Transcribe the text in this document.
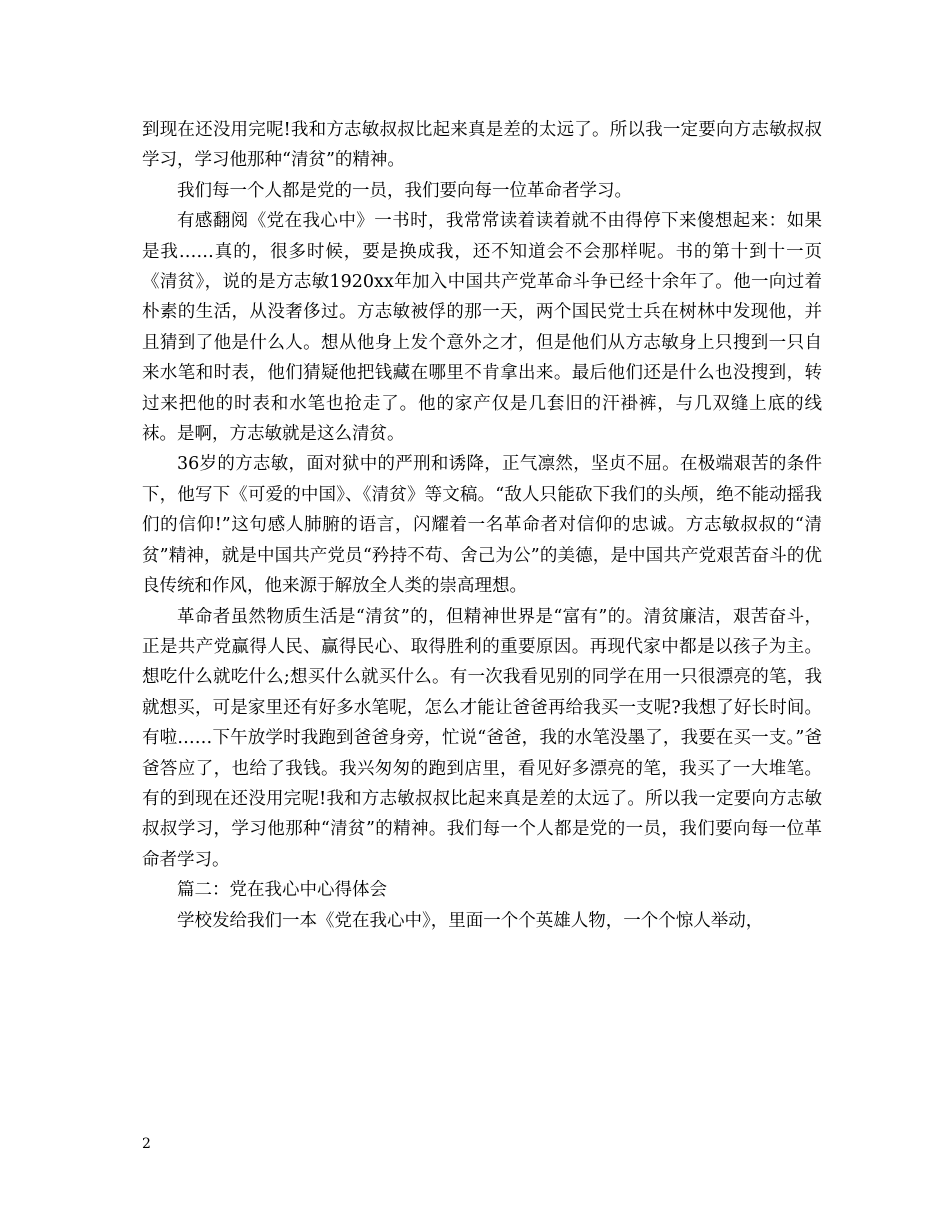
到现在还没用完呢!我和方志敏叔叔比起来真是差的太远了。所以我一定要向方志敏叔叔学习，学习他那种“清贫”的精神。

我们每一个人都是党的一员，我们要向每一位革命者学习。

有感翻阅《党在我心中》一书时，我常常读着读着就不由得停下来傻想起来：如果是我……真的，很多时候，要是换成我，还不知道会不会那样呢。书的第十到十一页《清贫》，说的是方志敏1920xx年加入中国共产党革命斗争已经十余年了。他一向过着朴素的生活，从没奢侈过。方志敏被俘的那一天，两个国民党士兵在树林中发现他，并且猜到了他是什么人。想从他身上发个意外之才，但是他们从方志敏身上只搜到一只自来水笔和时表，他们猜疑他把钱藏在哪里不肯拿出来。最后他们还是什么也没搜到，转过来把他的时表和水笔也抢走了。他的家产仅是几套旧的汗褂裤，与几双缝上底的线袜。是啊，方志敏就是这么清贫。

36岁的方志敏，面对狱中的严刑和诱降，正气凛然，坚贞不屈。在极端艰苦的条件下，他写下《可爱的中国》、《清贫》等文稿。“敌人只能砍下我们的头颅，绝不能动摇我们的信仰!”这句感人肺腑的语言，闪耀着一名革命者对信仰的忠诚。方志敏叔叔的“清贫”精神，就是中国共产党员“矜持不苟、舍己为公”的美德，是中国共产党艰苦奋斗的优良传统和作风，他来源于解放全人类的崇高理想。

革命者虽然物质生活是“清贫”的，但精神世界是“富有”的。清贫廉洁，艰苦奋斗，正是共产党赢得人民、赢得民心、取得胜利的重要原因。再现代家中都是以孩子为主。想吃什么就吃什么;想买什么就买什么。有一次我看见别的同学在用一只很漂亮的笔，我就想买，可是家里还有好多水笔呢，怎么才能让爸爸再给我买一支呢?我想了好长时间。有啦……下午放学时我跑到爸爸身旁，忙说“爸爸，我的水笔没墨了，我要在买一支。”爸爸答应了，也给了我钱。我兴匆匆的跑到店里，看见好多漂亮的笔，我买了一大堆笔。有的到现在还没用完呢!我和方志敏叔叔比起来真是差的太远了。所以我一定要向方志敏叔叔学习，学习他那种“清贫”的精神。我们每一个人都是党的一员，我们要向每一位革命者学习。

篇二：党在我心中心得体会

学校发给我们一本《党在我心中》，里面一个个英雄人物，一个个惊人举动，

2
